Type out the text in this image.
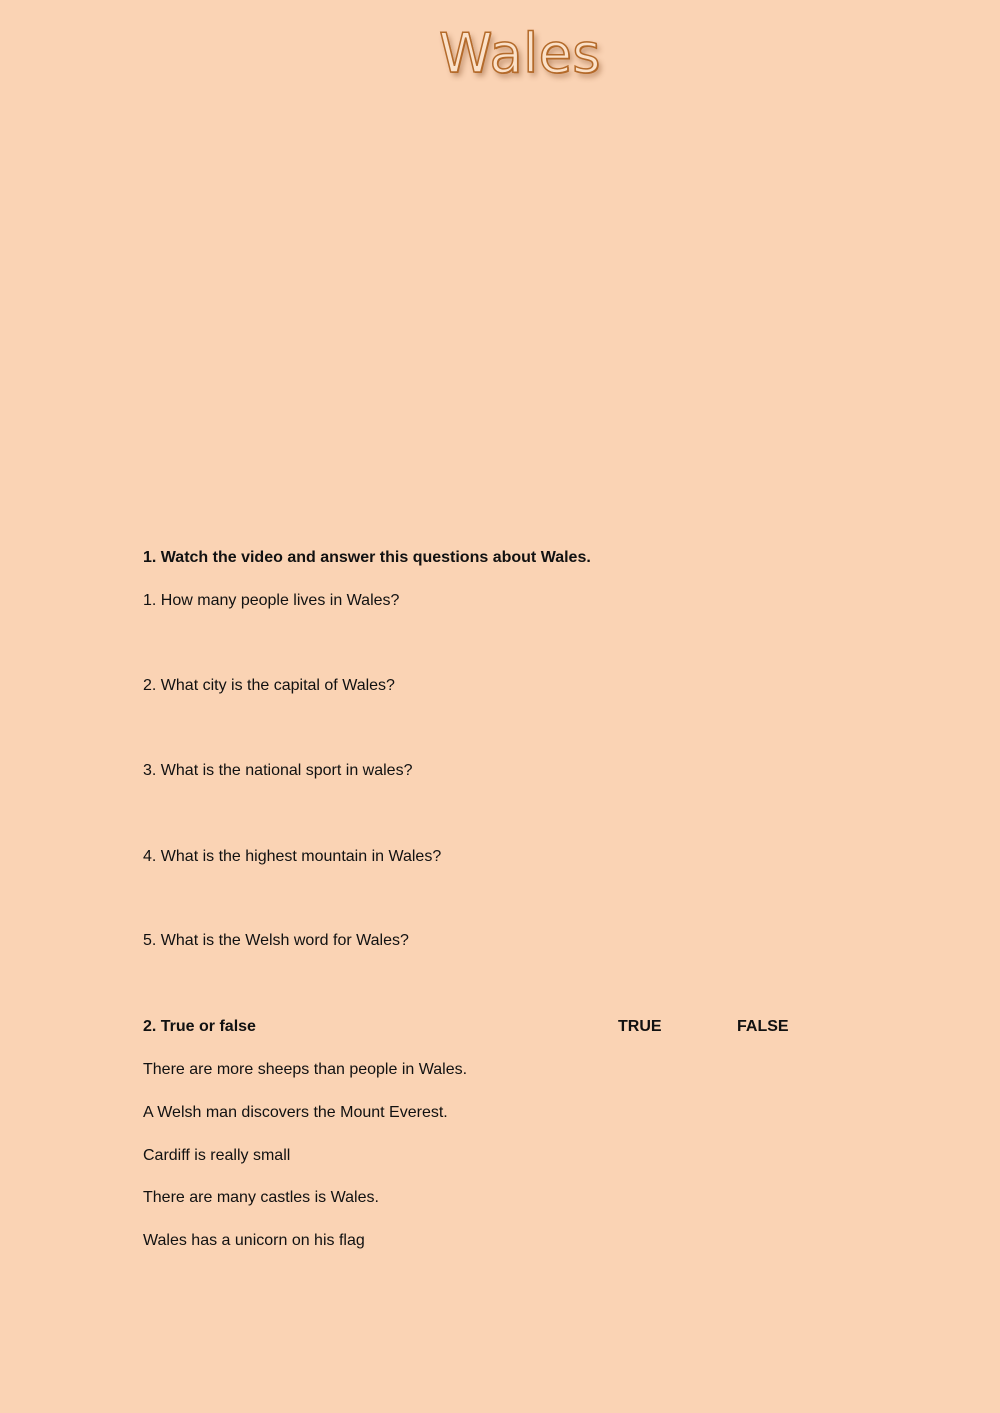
Wales
1. Watch the video and answer this questions about Wales.
1. How many people lives in Wales?
2. What city is the capital of Wales?
3. What is the national sport in wales?
4. What is the highest mountain in Wales?
5. What is the Welsh word for Wales?
2. True or false	TRUE	FALSE
There are more sheeps than people in Wales.
A Welsh man discovers the Mount Everest.
Cardiff is really small
There are many castles is Wales.
Wales has a unicorn on his flag
